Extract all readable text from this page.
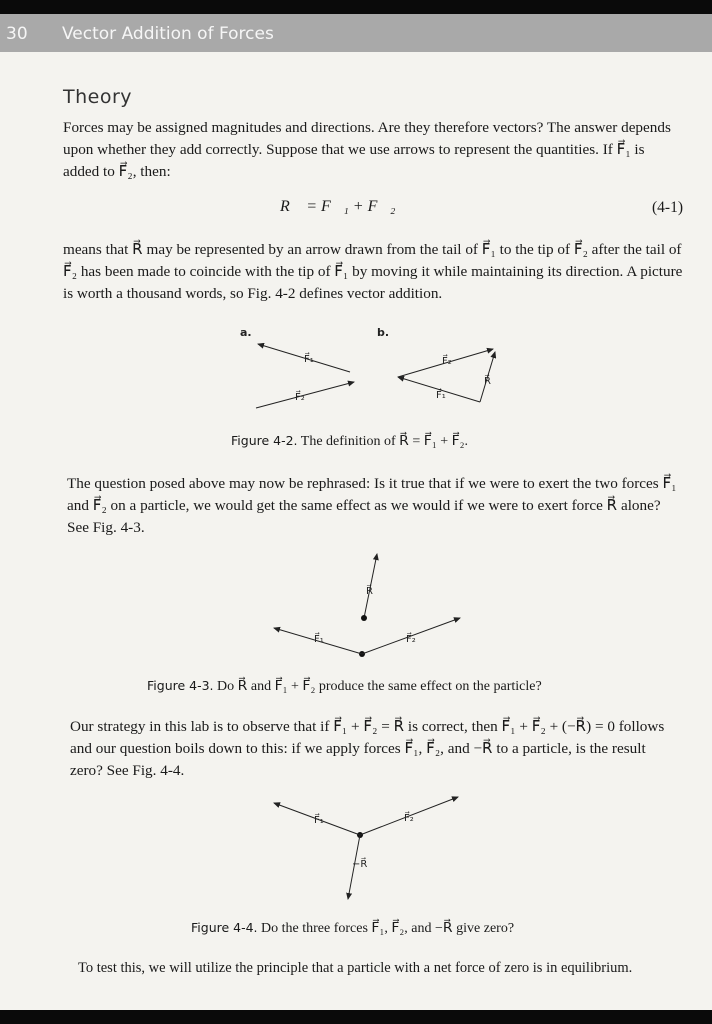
30 Vector Addition of Forces
Theory

Forces may be assigned magnitudes and directions. Are they therefore vectors? The answer depends upon whether they add correctly. Suppose that we use arrows to represent the quantities. If F⃗₁ is added to F⃗₂, then:

R⃗ = F⃗₁ + F⃗₂	(4-1)

means that R⃗ may be represented by an arrow drawn from the tail of F⃗₁ to the tip of F⃗₂ after the tail of F⃗₂ has been made to coincide with the tip of F⃗₁ by moving it while maintaining its direction. A picture is worth a thousand words, so Fig. 4-2 defines vector addition.

a.	b.
F⃗₁
F⃗₂	F⃗₁
F⃗₂
R⃗
Figure 4-2. The definition of R⃗ = F⃗₁ + F⃗₂.

The question posed above may now be rephrased: Is it true that if we were to exert the two forces F⃗₁ and F⃗₂ on a particle, we would get the same effect as we would if we were to exert force R⃗ alone? See Fig. 4-3.

R⃗
F⃗₁	F⃗₂
Figure 4-3. Do R⃗ and F⃗₁ + F⃗₂ produce the same effect on the particle?

Our strategy in this lab is to observe that if F⃗₁ + F⃗₂ = R⃗ is correct, then F⃗₁ + F⃗₂ + (−R⃗) = 0 follows and our question boils down to this: if we apply forces F⃗₁, F⃗₂, and −R⃗ to a particle, is the result zero? See Fig. 4-4.

F⃗₁	F⃗₂
−R⃗
Figure 4-4. Do the three forces F⃗₁, F⃗₂, and −R⃗ give zero?

To test this, we will utilize the principle that a particle with a net force of zero is in equilibrium.
